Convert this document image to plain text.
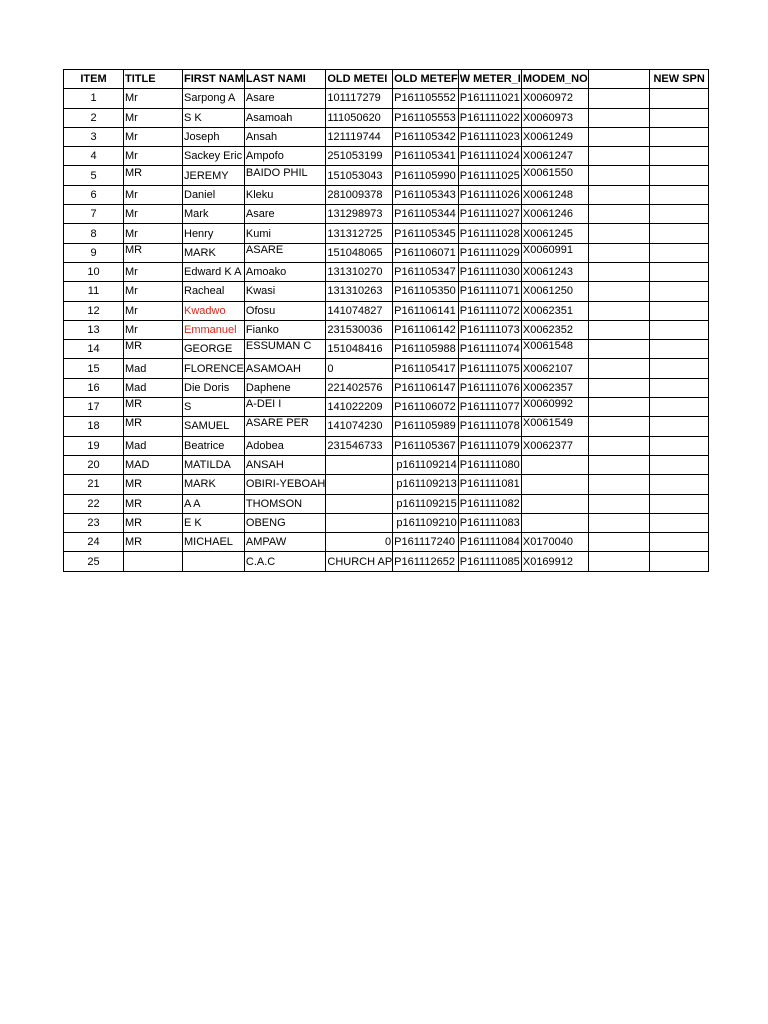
ITEM	TITLE	FIRST NAM	LAST NAMI	OLD METEI	OLD METEF	W METER_I	MODEM_NO		NEW SPN
1	Mr	Sarpong A	Asare	101117279	P161105552	P161111021	X0060972		
2	Mr	S K	Asamoah	111050620	P161105553	P161111022	X0060973		
3	Mr	Joseph	Ansah	121119744	P161105342	P161111023	X0061249		
4	Mr	Sackey Eric	Ampofo	251053199	P161105341	P161111024	X0061247		
5	MR	JEREMY	BAIDO PHIL	151053043	P161105990	P161111025	X0061550		
6	Mr	Daniel	Kleku	281009378	P161105343	P161111026	X0061248		
7	Mr	Mark	Asare	131298973	P161105344	P161111027	X0061246		
8	Mr	Henry	Kumi	131312725	P161105345	P161111028	X0061245		
9	MR	MARK	ASARE	151048065	P161106071	P161111029	X0060991		
10	Mr	Edward K A	Amoako	131310270	P161105347	P161111030	X0061243		
11	Mr	Racheal	Kwasi	131310263	P161105350	P161111071	X0061250		
12	Mr	Kwadwo	Ofosu	141074827	P161106141	P161111072	X0062351		
13	Mr	Emmanuel	Fianko	231530036	P161106142	P161111073	X0062352		
14	MR	GEORGE	ESSUMAN C	151048416	P161105988	P161111074	X0061548		
15	Mad	FLORENCE	ASAMOAH	0	P161105417	P161111075	X0062107		
16	Mad	Die Doris	Daphene	221402576	P161106147	P161111076	X0062357		
17	MR	S	A-DEI I	141022209	P161106072	P161111077	X0060992		
18	MR	SAMUEL	ASARE PER	141074230	P161105989	P161111078	X0061549		
19	Mad	Beatrice	Adobea	231546733	P161105367	P161111079	X0062377		
20	MAD	MATILDA	ANSAH		p161109214	P161111080			
21	MR	MARK	OBIRI-YEBOAH		p161109213	P161111081			
22	MR	A A	THOMSON		p161109215	P161111082			
23	MR	E K	OBENG		p161109210	P161111083			
24	MR	MICHAEL	AMPAW	0	P161117240	P161111084	X0170040		
25			C.A.C	CHURCH AP	P161112652	P161111085	X0169912		
